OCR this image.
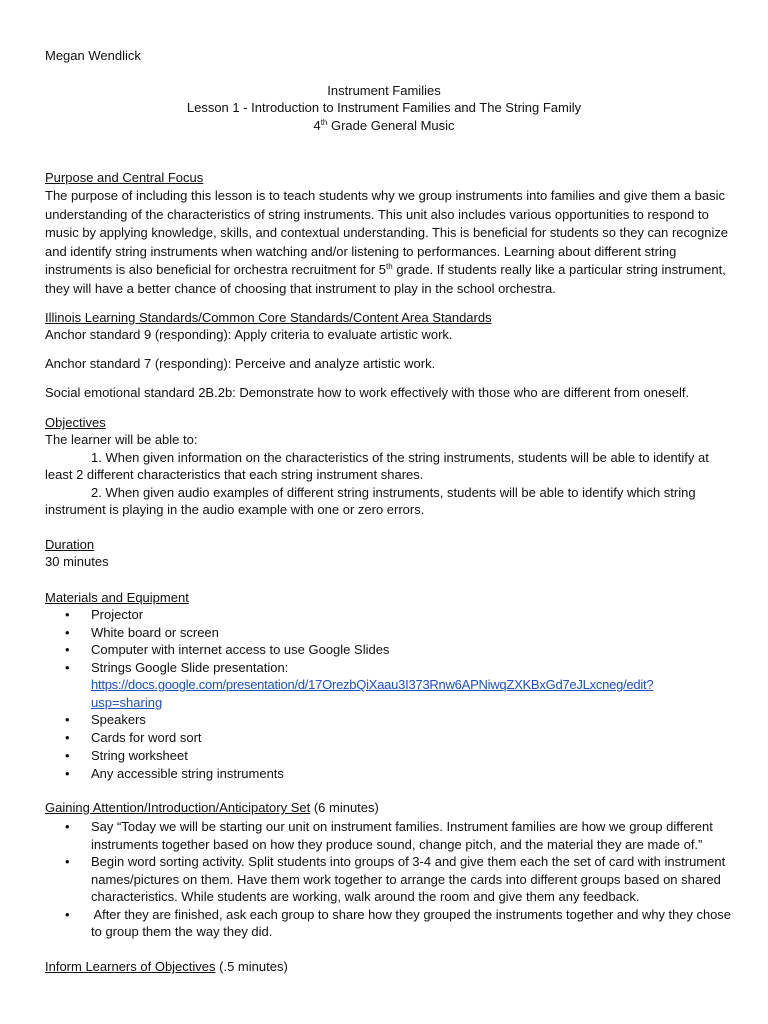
Megan Wendlick
Instrument Families
Lesson 1 - Introduction to Instrument Families and The String Family
4th Grade General Music
Purpose and Central Focus
The purpose of including this lesson is to teach students why we group instruments into families and give them a basic
understanding of the characteristics of string instruments. This unit also includes various opportunities to respond to
music by applying knowledge, skills, and contextual understanding. This is beneficial for students so they can recognize
and identify string instruments when watching and/or listening to performances. Learning about different string
instruments is also beneficial for orchestra recruitment for 5th grade. If students really like a particular string instrument,
they will have a better chance of choosing that instrument to play in the school orchestra.
Illinois Learning Standards/Common Core Standards/Content Area Standards
Anchor standard 9 (responding): Apply criteria to evaluate artistic work.
Anchor standard 7 (responding): Perceive and analyze artistic work.
Social emotional standard 2B.2b: Demonstrate how to work effectively with those who are different from oneself.
Objectives
The learner will be able to:
1. When given information on the characteristics of the string instruments, students will be able to identify at
least 2 different characteristics that each string instrument shares.
2. When given audio examples of different string instruments, students will be able to identify which string
instrument is playing in the audio example with one or zero errors.
Duration
30 minutes
Materials and Equipment
• Projector
• White board or screen
• Computer with internet access to use Google Slides
• Strings Google Slide presentation:
https://docs.google.com/presentation/d/17OrezbQiXaau3I373Rnw6APNiwqZXKBxGd7eJLxcneg/edit?
usp=sharing
• Speakers
• Cards for word sort
• String worksheet
• Any accessible string instruments
Gaining Attention/Introduction/Anticipatory Set (6 minutes)
• Say “Today we will be starting our unit on instrument families. Instrument families are how we group different
instruments together based on how they produce sound, change pitch, and the material they are made of.”
• Begin word sorting activity. Split students into groups of 3-4 and give them each the set of card with instrument
names/pictures on them. Have them work together to arrange the cards into different groups based on shared
characteristics. While students are working, walk around the room and give them any feedback.
• After they are finished, ask each group to share how they grouped the instruments together and why they chose
to group them the way they did.
Inform Learners of Objectives (.5 minutes)
